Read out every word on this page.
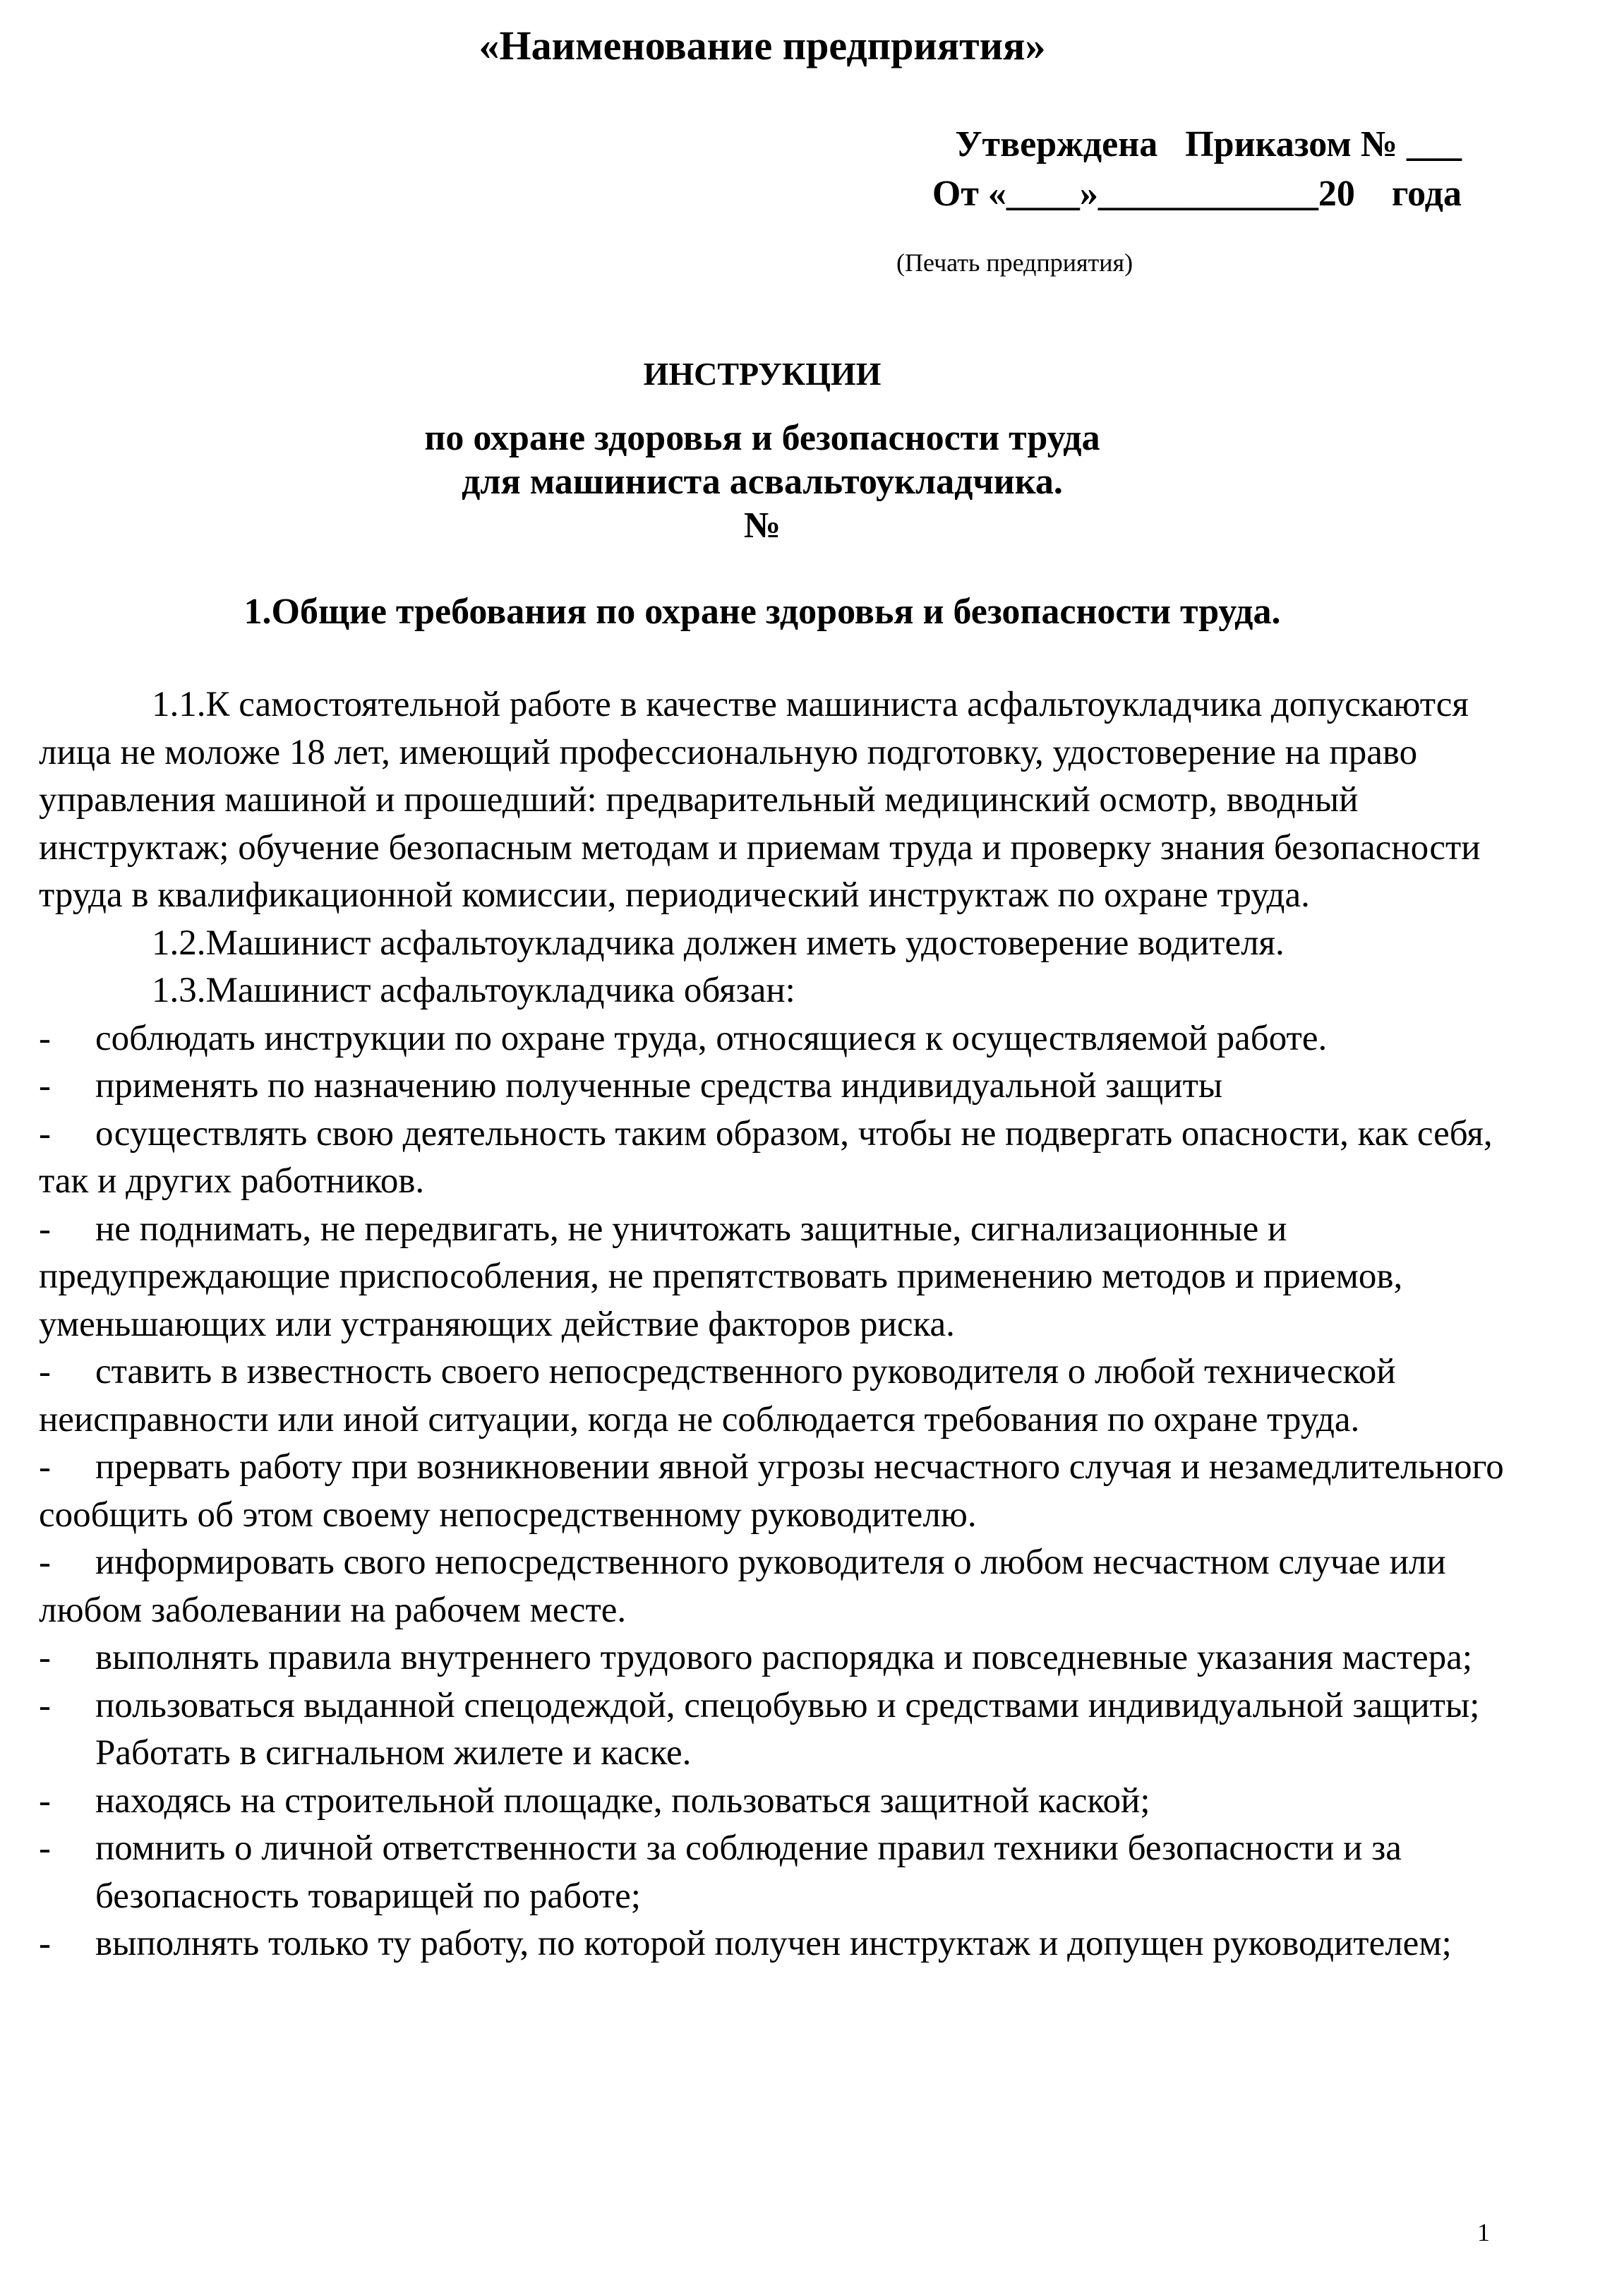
«Наименование предприятия»
Утверждена   Приказом № ___
От «____»____________20    года
(Печать предприятия)
ИНСТРУКЦИИ
по охране здоровья и безопасности труда
для машиниста асвальтоукладчика.
№
1.Общие требования по охране здоровья и безопасности труда.

1.1.К самостоятельной работе в качестве машиниста асфальтоукладчика допускаются лица не моложе 18 лет, имеющий профессиональную подготовку, удостоверение на право управления машиной и прошедший: предварительный медицинский осмотр, вводный инструктаж; обучение безопасным методам и приемам труда и проверку знания безопасности труда в квалификационной комиссии, периодический инструктаж по охране труда.

1.2.Машинист асфальтоукладчика должен иметь удостоверение водителя.

1.3.Машинист асфальтоукладчика обязан:

- соблюдать инструкции по охране труда, относящиеся к осуществляемой работе.

- применять по назначению полученные средства индивидуальной защиты

- осуществлять свою деятельность таким образом, чтобы не подвергать опасности, как себя, так и других работников.

- не поднимать, не передвигать, не уничтожать защитные, сигнализационные и предупреждающие приспособления, не препятствовать применению методов и приемов, уменьшающих или устраняющих действие факторов риска.

- ставить в известность своего непосредственного руководителя о любой технической неисправности или иной ситуации, когда не соблюдается требования по охране труда.

- прервать работу при возникновении явной угрозы несчастного случая и незамедлительного сообщить об этом своему непосредственному руководителю.

- информировать свого непосредственного руководителя о любом несчастном случае или любом заболевании на рабочем месте.

- выполнять правила внутреннего трудового распорядка и повседневные указания мастера;

- пользоваться выданной спецодеждой, спецобувью и средствами индивидуальной защиты; Работать в сигнальном жилете и каске.

- находясь на строительной площадке, пользоваться защитной каской;

- помнить о личной ответственности за соблюдение правил техники безопасности и за безопасность товарищей по работе;

- выполнять только ту работу, по которой получен инструктаж и допущен руководителем;

1
